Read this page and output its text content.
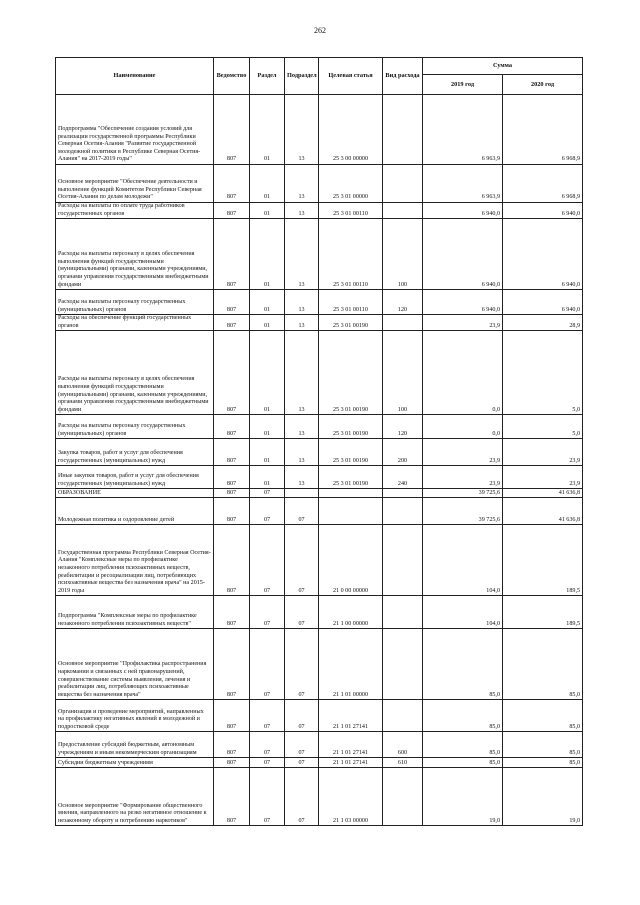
262
Наименование	Ведомство	Раздел	Подраздел	Целевая статья	Вид расхода	Сумма	
						2019 год	2020 год
Подпрограмма "Обеспечение создания условий для реализации государственной программы Республики Северная Осетия-Алания "Развитие государственной молодежной политики в Республике Северная Осетия-Алания" на 2017-2019 годы"	807	01	13	25 3 00 00000		6 963,9	6 968,9
Основное мероприятие "Обеспечение деятельности и выполнение функций Комитетом Республики Северная Осетия-Алания по делам молодежи"	807	01	13	25 3 01 00000		6 963,9	6 968,9
Расходы на выплаты по оплате труда работников государственных органов	807	01	13	25 3 01 00110		6 940,0	6 940,0
Расходы на выплаты персоналу в целях обеспечения выполнения функций государственными (муниципальными) органами, казенными учреждениями, органами управления государственными внебюджетными фондами	807	01	13	25 3 01 00110	100	6 940,0	6 940,0
Расходы на выплаты персоналу государственных (муниципальных) органов	807	01	13	25 3 01 00110	120	6 940,0	6 940,0
Расходы на обеспечение функций государственных органов	807	01	13	25 3 01 00190		23,9	28,9
Расходы на выплаты персоналу в целях обеспечения выполнения функций государственными (муниципальными) органами, казенными учреждениями, органами управления государственными внебюджетными фондами	807	01	13	25 3 01 00190	100	0,0	5,0
Расходы на выплаты персоналу государственных (муниципальных) органов	807	01	13	25 3 01 00190	120	0,0	5,0
Закупка товаров, работ и услуг для обеспечения государственных (муниципальных) нужд	807	01	13	25 3 01 00190	200	23,9	23,9
Иные закупки товаров, работ и услуг для обеспечения государственных (муниципальных) нужд	807	01	13	25 3 01 00190	240	23,9	23,9
ОБРАЗОВАНИЕ	807	07				39 725,6	41 636,8
Молодежная политика и оздоровление детей	807	07	07			39 725,6	41 636,8
Государственная программа Республики Северная Осетия-Алания "Комплексные меры по профилактике незаконного потребления психоактивных веществ, реабилитации и ресоциализации лиц, потребляющих психоактивные вещества без назначения врача" на 2015-2019 годы	807	07	07	21 0 00 00000		104,0	189,5
Подпрограмма "Комплексные меры по профилактике незаконного потребления психоактивных веществ"	807	07	07	21 1 00 00000		104,0	189,5
Основное мероприятие "Профилактика распространения наркомании и связанных с ней правонарушений, совершенствование системы выявления, лечения и реабилитации лиц, потребляющих психоактивные вещества без назначения врача"	807	07	07	21 1 01 00000		85,0	85,0
Организация и проведение мероприятий, направленных на профилактику негативных явлений в молодежной и подростковой среде	807	07	07	21 1 01 27141		85,0	85,0
Предоставление субсидий бюджетным, автономным учреждениям и иным некоммерческим организациям	807	07	07	21 1 01 27141	600	85,0	85,0
Субсидии бюджетным учреждениям	807	07	07	21 1 01 27141	610	85,0	85,0
Основное мероприятие "Формирование общественного мнения, направленного на резко негативное отношение к незаконному обороту и потреблению наркотиков"	807	07	07	21 1 03 00000		19,0	19,0
